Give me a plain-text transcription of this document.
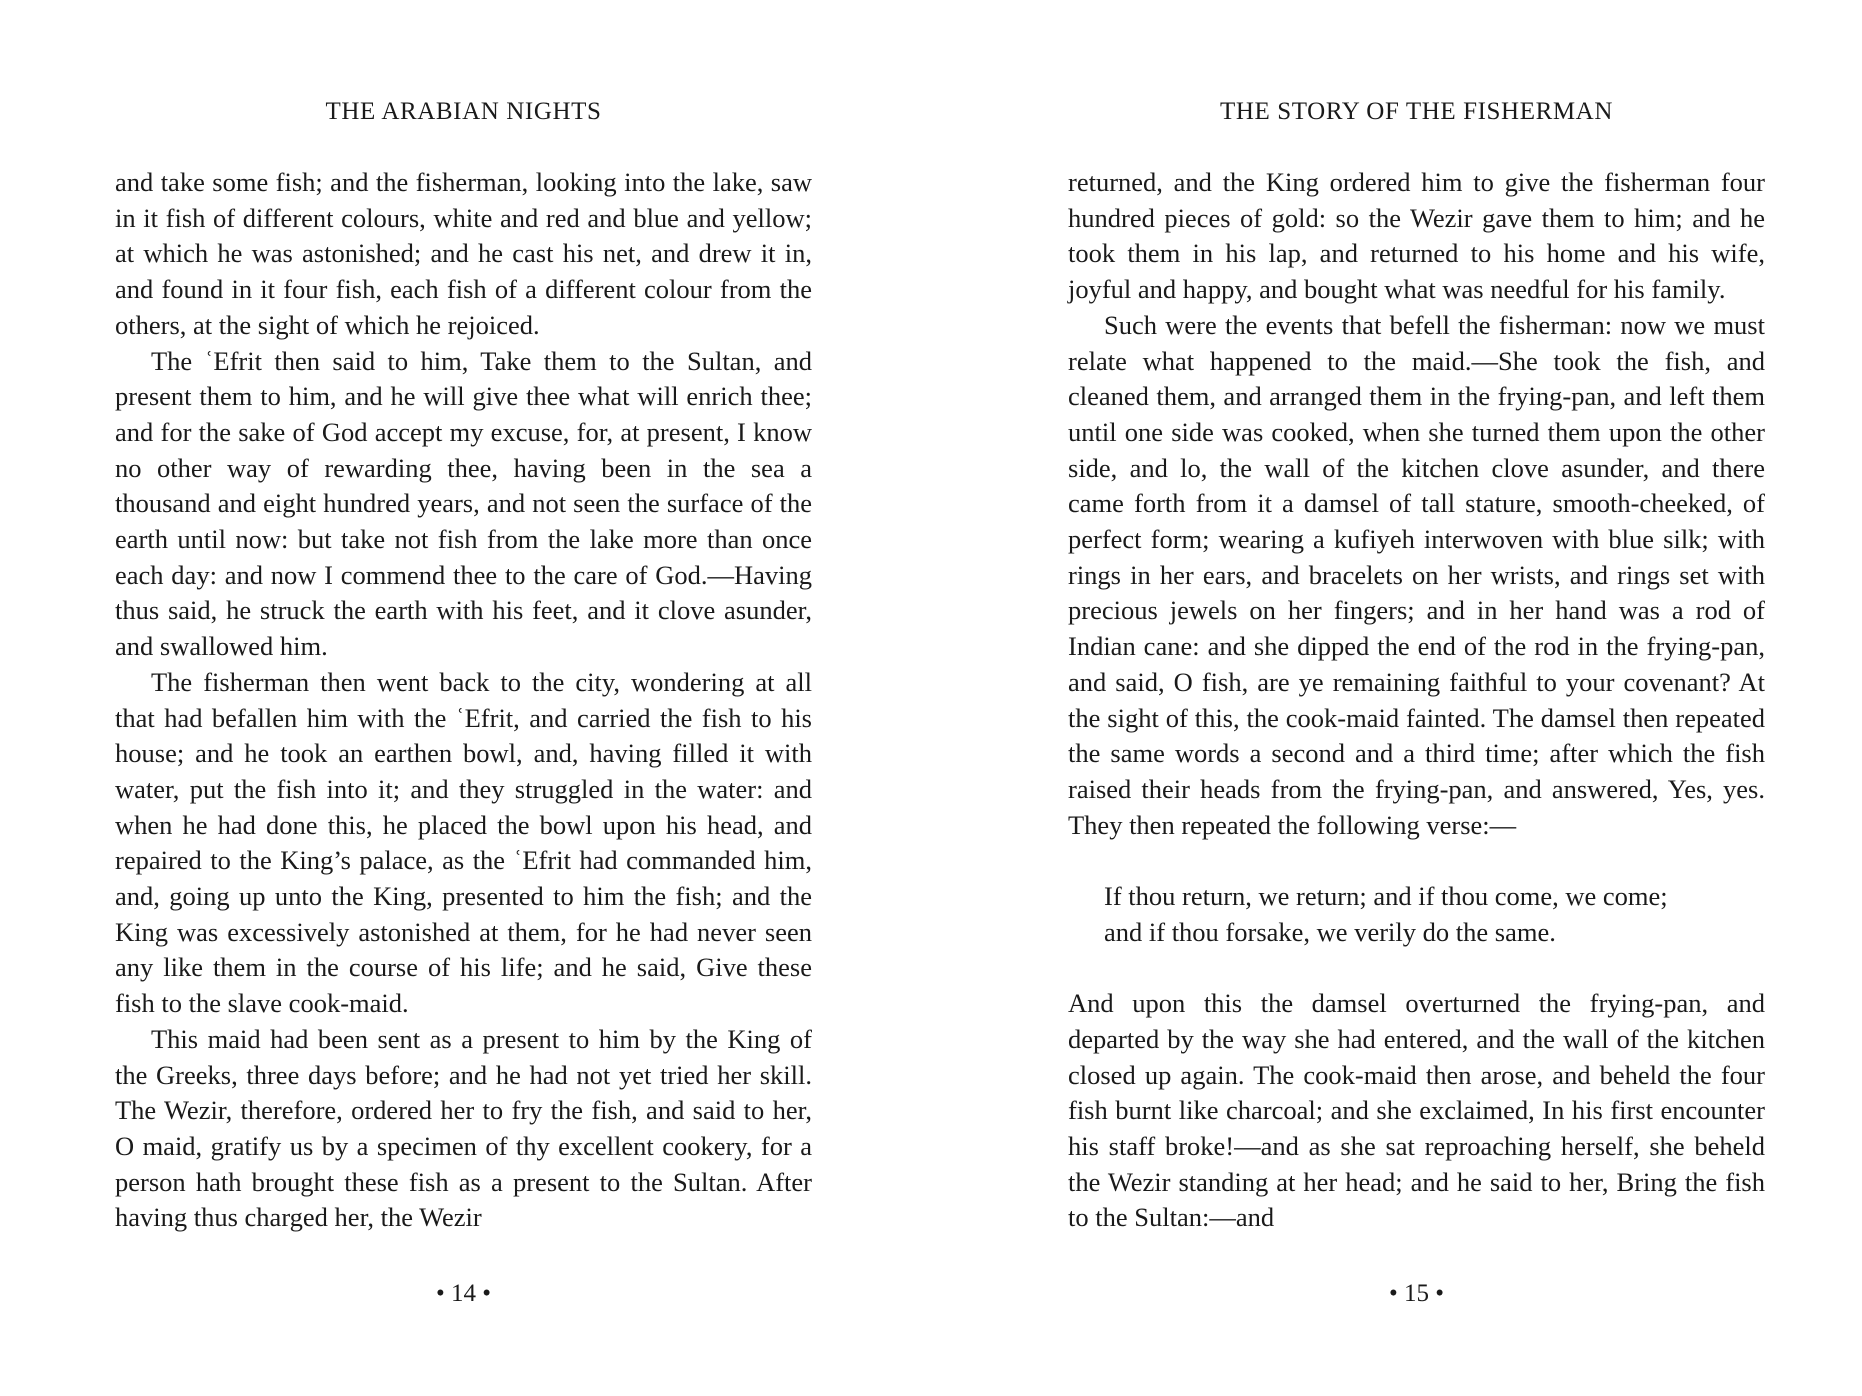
THE ARABIAN NIGHTS

and take some fish; and the fisherman, looking into the lake, saw in it fish of different colours, white and red and blue and yellow; at which he was astonished; and he cast his net, and drew it in, and found in it four fish, each fish of a different colour from the others, at the sight of which he rejoiced.

The ʿEfrit then said to him, Take them to the Sultan, and present them to him, and he will give thee what will enrich thee; and for the sake of God accept my excuse, for, at present, I know no other way of rewarding thee, having been in the sea a thousand and eight hundred years, and not seen the surface of the earth until now: but take not fish from the lake more than once each day: and now I commend thee to the care of God.—Having thus said, he struck the earth with his feet, and it clove asunder, and swallowed him.

The fisherman then went back to the city, wondering at all that had befallen him with the ʿEfrit, and carried the fish to his house; and he took an earthen bowl, and, having filled it with water, put the fish into it; and they struggled in the water: and when he had done this, he placed the bowl upon his head, and repaired to the King’s palace, as the ʿEfrit had commanded him, and, going up unto the King, presented to him the fish; and the King was excessively astonished at them, for he had never seen any like them in the course of his life; and he said, Give these fish to the slave cook-maid.

This maid had been sent as a present to him by the King of the Greeks, three days before; and he had not yet tried her skill. The Wezir, therefore, ordered her to fry the fish, and said to her, O maid, gratify us by a specimen of thy excellent cookery, for a person hath brought these fish as a present to the Sultan. After having thus charged her, the Wezir

• 14 •
THE STORY OF THE FISHERMAN

returned, and the King ordered him to give the fisherman four hundred pieces of gold: so the Wezir gave them to him; and he took them in his lap, and returned to his home and his wife, joyful and happy, and bought what was needful for his family.

Such were the events that befell the fisherman: now we must relate what happened to the maid.—She took the fish, and cleaned them, and arranged them in the frying-pan, and left them until one side was cooked, when she turned them upon the other side, and lo, the wall of the kitchen clove asunder, and there came forth from it a damsel of tall stature, smooth-cheeked, of perfect form; wearing a kufiyeh interwoven with blue silk; with rings in her ears, and bracelets on her wrists, and rings set with precious jewels on her fingers; and in her hand was a rod of Indian cane: and she dipped the end of the rod in the frying-pan, and said, O fish, are ye remaining faithful to your covenant? At the sight of this, the cook-maid fainted. The damsel then repeated the same words a second and a third time; after which the fish raised their heads from the frying-pan, and answered, Yes, yes. They then repeated the following verse:—

If thou return, we return; and if thou come, we come;
and if thou forsake, we verily do the same.

And upon this the damsel overturned the frying-pan, and departed by the way she had entered, and the wall of the kitchen closed up again. The cook-maid then arose, and beheld the four fish burnt like charcoal; and she exclaimed, In his first encounter his staff broke!—and as she sat reproaching herself, she beheld the Wezir standing at her head; and he said to her, Bring the fish to the Sultan:—and

• 15 •
